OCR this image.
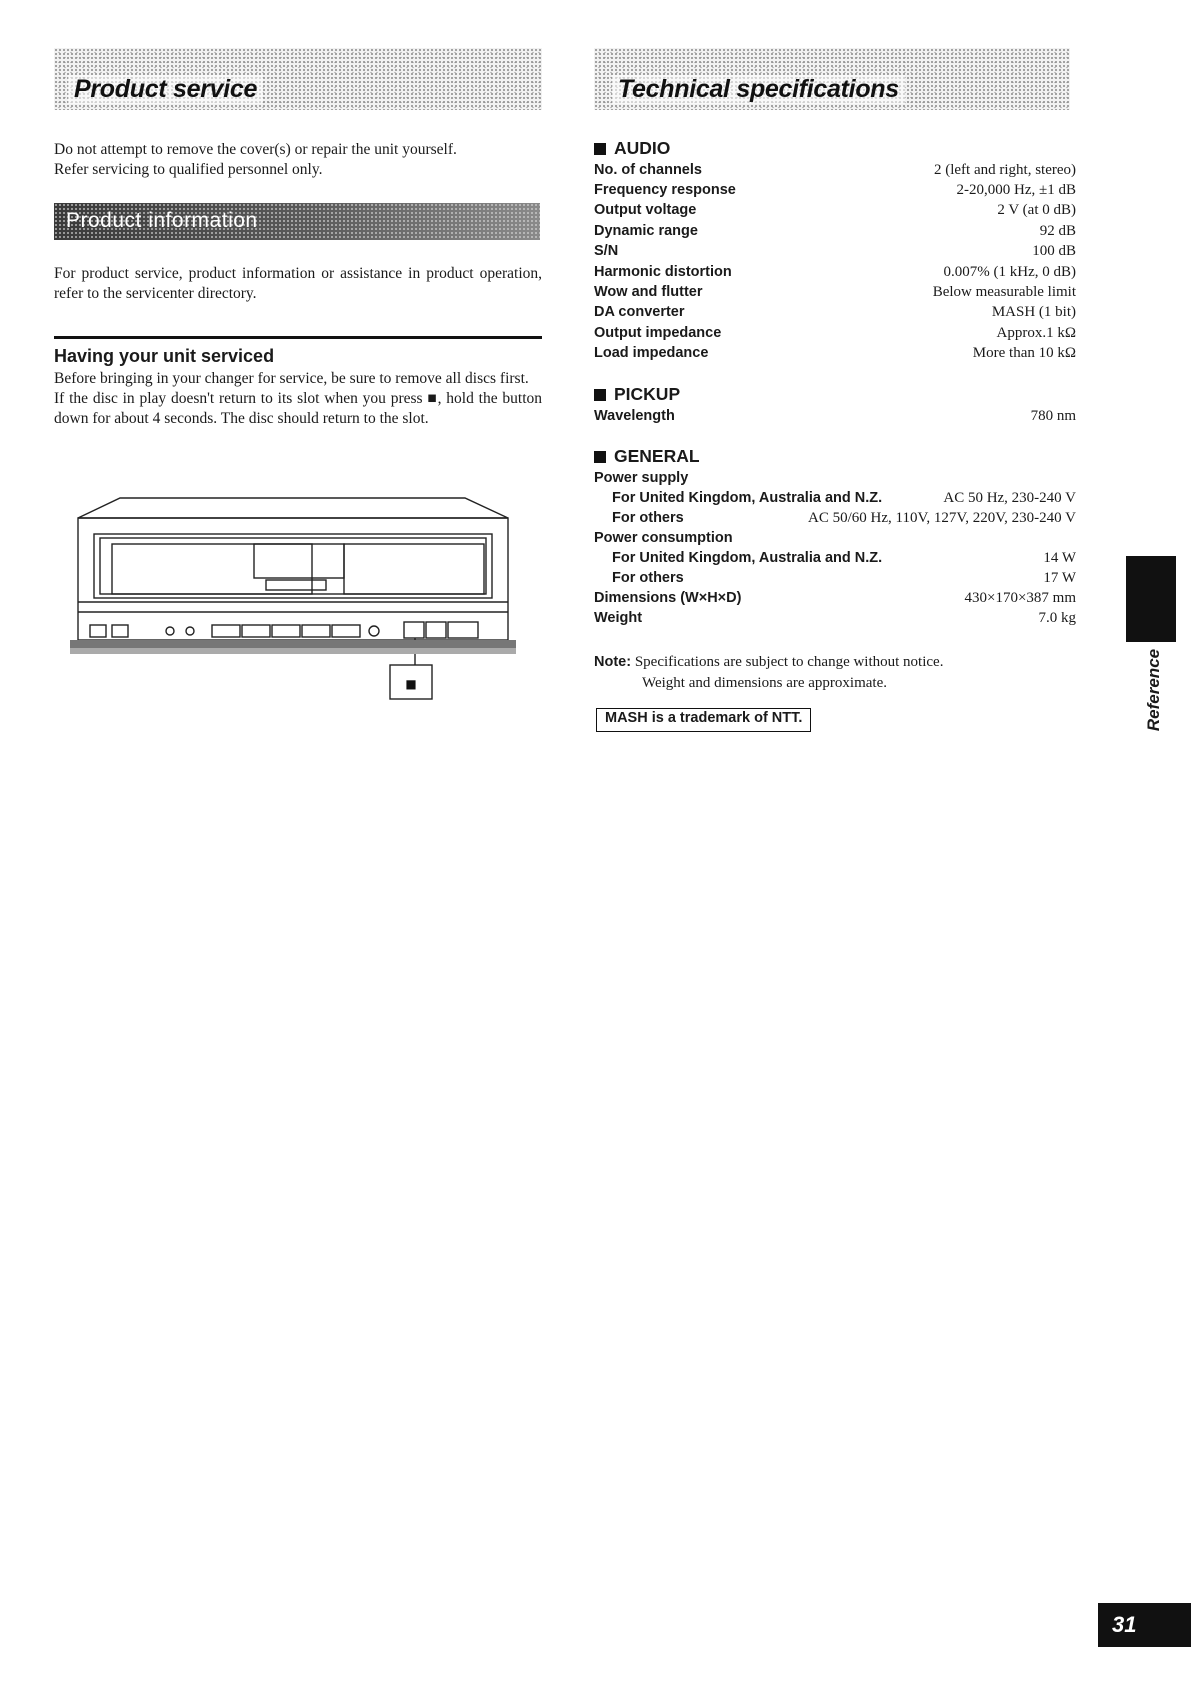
Product service

Do not attempt to remove the cover(s) or repair the unit yourself.

Refer servicing to qualified personnel only.

Product information

For product service, product information or assistance in product operation, refer to the servicenter directory.

Having your unit serviced

Before bringing in your changer for service, be sure to remove all discs first.

If the disc in play doesn't return to its slot when you press ■, hold the button down for about 4 seconds. The disc should return to the slot.

■
Technical specifications
AUDIO
No. of channels	2 (left and right, stereo)
Frequency response	2-20,000 Hz, ±1 dB
Output voltage	2 V (at 0 dB)
Dynamic range	92 dB
S/N	100 dB
Harmonic distortion	0.007% (1 kHz, 0 dB)
Wow and flutter	Below measurable limit
DA converter	MASH (1 bit)
Output impedance	Approx.1 kΩ
Load impedance	More than 10 kΩ
PICKUP
Wavelength	780 nm
GENERAL
Power supply
For United Kingdom, Australia and N.Z.	AC 50 Hz, 230-240 V
For others	AC 50/60 Hz, 110V, 127V, 220V, 230-240 V
Power consumption
For United Kingdom, Australia and N.Z.	14 W
For others	17 W
Dimensions (W×H×D)	430×170×387 mm
Weight	7.0 kg
Note: Specifications are subject to change without notice.
Weight and dimensions are approximate.
MASH is a trademark of NTT.	Reference
31
